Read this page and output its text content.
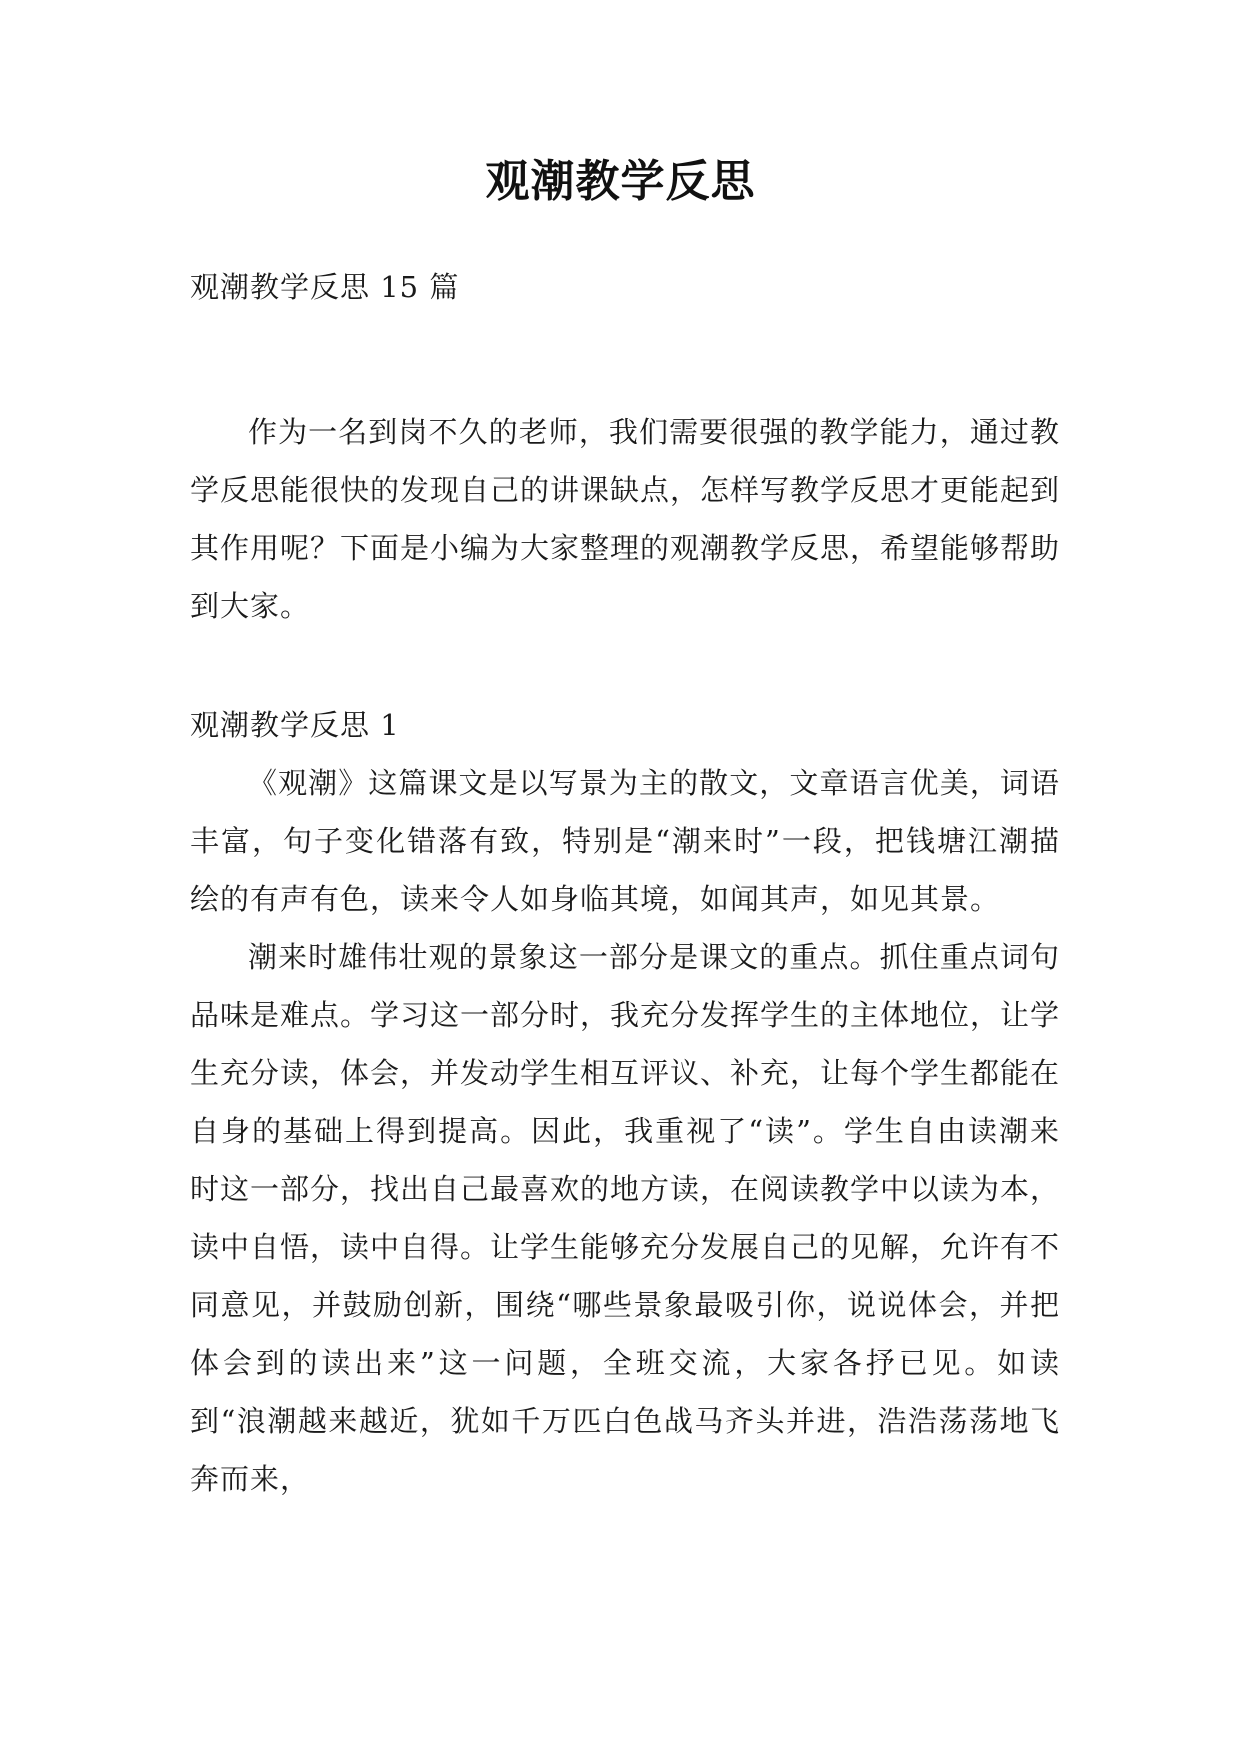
观潮教学反思
观潮教学反思 15 篇

作为一名到岗不久的老师，我们需要很强的教学能力，通过教学反思能很快的发现自己的讲课缺点，怎样写教学反思才更能起到其作用呢？下面是小编为大家整理的观潮教学反思，希望能够帮助到大家。

观潮教学反思 1

《观潮》这篇课文是以写景为主的散文，文章语言优美，词语丰富，句子变化错落有致，特别是“潮来时”一段，把钱塘江潮描绘的有声有色，读来令人如身临其境，如闻其声，如见其景。

潮来时雄伟壮观的景象这一部分是课文的重点。抓住重点词句品味是难点。学习这一部分时，我充分发挥学生的主体地位，让学生充分读，体会，并发动学生相互评议、补充，让每个学生都能在自身的基础上得到提高。因此，我重视了“读”。学生自由读潮来时这一部分，找出自己最喜欢的地方读，在阅读教学中以读为本，读中自悟，读中自得。让学生能够充分发展自己的见解，允许有不同意见，并鼓励创新，围绕“哪些景象最吸引你，说说体会，并把体会到的读出来”这一问题，全班交流，大家各抒已见。如读到“浪潮越来越近，犹如千万匹白色战马齐头并进，浩浩荡荡地飞奔而来，
